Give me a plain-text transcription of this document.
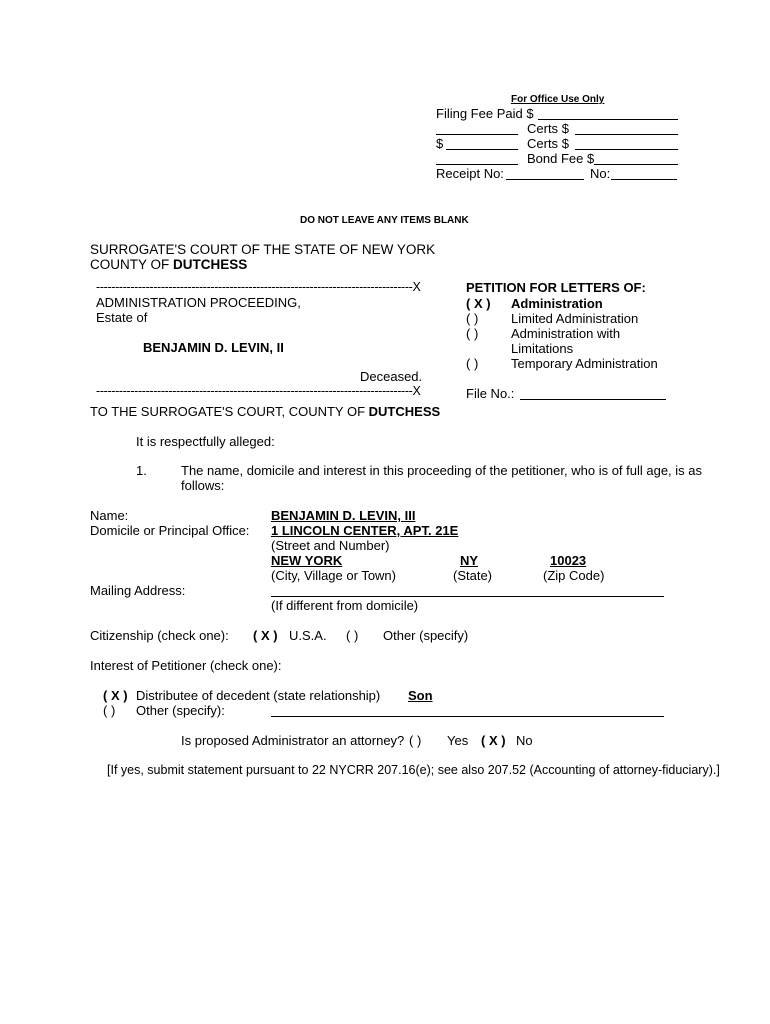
For Office Use Only
Filing Fee Paid $
Certs $
$	Certs $
Bond Fee $
Receipt No:	No:
DO NOT LEAVE ANY ITEMS BLANK
SURROGATE'S COURT OF THE STATE OF NEW YORK
COUNTY OF DUTCHESS
-----------------------------------------------------------------------------------X
ADMINISTRATION PROCEEDING,
Estate of
BENJAMIN D. LEVIN, II
Deceased.
-----------------------------------------------------------------------------------X
PETITION FOR LETTERS OF:
( X ) Administration
( )	Limited Administration
( )	Administration with
Limitations
( )	Temporary Administration
File No.:
TO THE SURROGATE'S COURT, COUNTY OF DUTCHESS
It is respectfully alleged:
1.	The name, domicile and interest in this proceeding of the petitioner, who is of full age, is as
follows:
Name:	BENJAMIN D. LEVIN, III
Domicile or Principal Office: 1 LINCOLN CENTER, APT. 21E
(Street and Number)
NEW YORK	NY	10023
(City, Village or Town)	(State)	(Zip Code)
Mailing Address:
(If different from domicile)
Citizenship (check one): ( X ) U.S.A. ( ) Other (specify)
Interest of Petitioner (check one):
( X ) Distributee of decedent (state relationship) Son
( ) Other (specify):
Is proposed Administrator an attorney? ( ) Yes ( X ) No
[If yes, submit statement pursuant to 22 NYCRR 207.16(e); see also 207.52 (Accounting of attorney-fiduciary).]
